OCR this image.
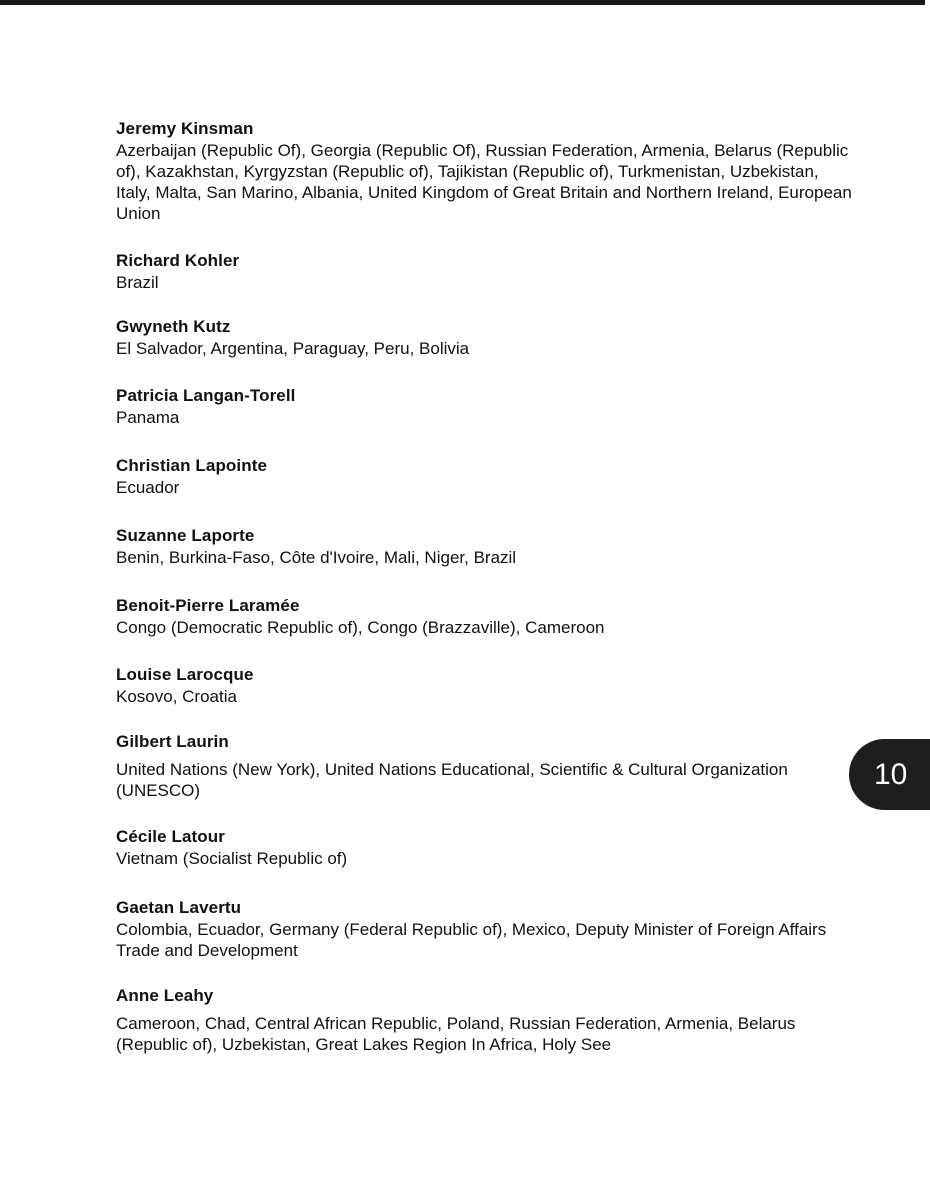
Jeremy Kinsman
Azerbaijan (Republic Of), Georgia (Republic Of), Russian Federation, Armenia, Belarus (Republic of), Kazakhstan, Kyrgyzstan (Republic of), Tajikistan (Republic of), Turkmenistan, Uzbekistan, Italy, Malta, San Marino, Albania, United Kingdom of Great Britain and Northern Ireland, European Union
Richard Kohler
Brazil
Gwyneth Kutz
El Salvador, Argentina, Paraguay, Peru, Bolivia
Patricia Langan-Torell
Panama
Christian Lapointe
Ecuador
Suzanne Laporte
Benin, Burkina-Faso, Côte d'Ivoire, Mali, Niger, Brazil
Benoit-Pierre Laramée
Congo (Democratic Republic of), Congo (Brazzaville), Cameroon
Louise Larocque
Kosovo, Croatia
Gilbert Laurin
United Nations (New York), United Nations Educational, Scientific & Cultural Organization (UNESCO)
Cécile Latour
Vietnam (Socialist Republic of)
Gaetan Lavertu
Colombia, Ecuador, Germany (Federal Republic of), Mexico, Deputy Minister of Foreign Affairs Trade and Development
Anne Leahy
Cameroon, Chad, Central African Republic, Poland, Russian Federation, Armenia, Belarus (Republic of), Uzbekistan, Great Lakes Region In Africa, Holy See
10
